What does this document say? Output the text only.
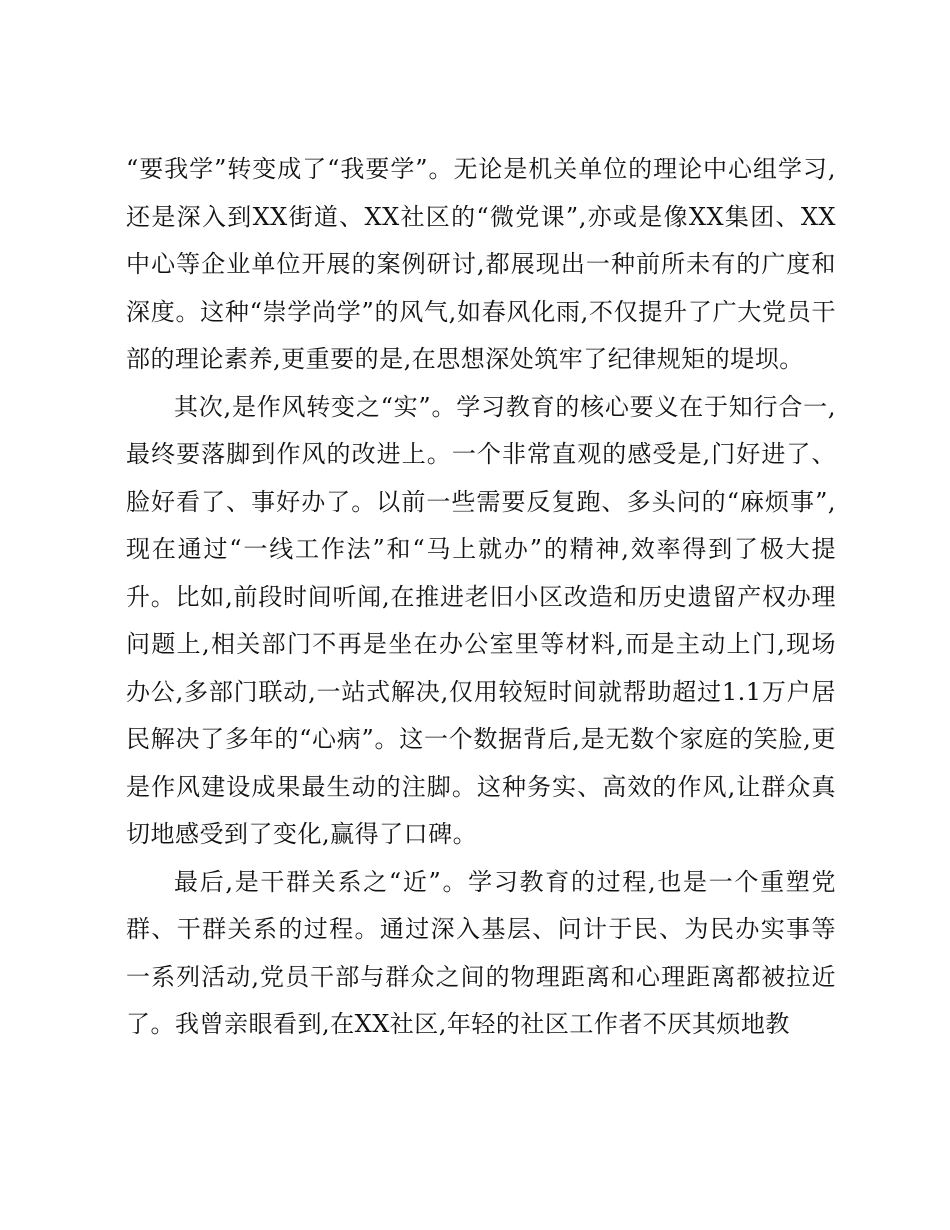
“要我学”转变成了“我要学”。无论是机关单位的理论中心组学习,还是深入到XX街道、XX社区的“微党课”,亦或是像XX集团、XX中心等企业单位开展的案例研讨,都展现出一种前所未有的广度和深度。这种“崇学尚学”的风气,如春风化雨,不仅提升了广大党员干部的理论素养,更重要的是,在思想深处筑牢了纪律规矩的堤坝。

其次,是作风转变之“实”。学习教育的核心要义在于知行合一,最终要落脚到作风的改进上。一个非常直观的感受是,门好进了、脸好看了、事好办了。以前一些需要反复跑、多头问的“麻烦事”,现在通过“一线工作法”和“马上就办”的精神,效率得到了极大提升。比如,前段时间听闻,在推进老旧小区改造和历史遗留产权办理问题上,相关部门不再是坐在办公室里等材料,而是主动上门,现场办公,多部门联动,一站式解决,仅用较短时间就帮助超过1.1万户居民解决了多年的“心病”。这一个数据背后,是无数个家庭的笑脸,更是作风建设成果最生动的注脚。这种务实、高效的作风,让群众真切地感受到了变化,赢得了口碑。

最后,是干群关系之“近”。学习教育的过程,也是一个重塑党群、干群关系的过程。通过深入基层、问计于民、为民办实事等一系列活动,党员干部与群众之间的物理距离和心理距离都被拉近了。我曾亲眼看到,在XX社区,年轻的社区工作者不厌其烦地教
